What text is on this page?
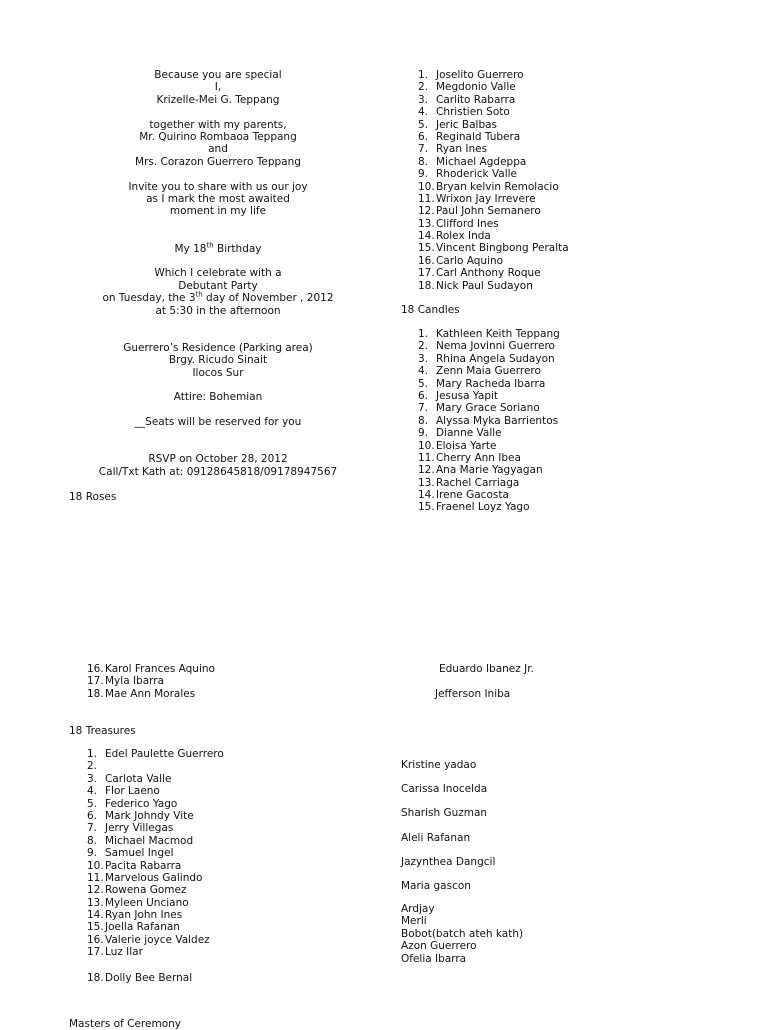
Because you are special
I,
Krizelle-Mei G. Teppang
together with my parents,
Mr. Quirino Rombaoa Teppang
and
Mrs. Corazon Guerrero Teppang
Invite you to share with us our joy
as I mark the most awaited
moment in my life
My 18th Birthday
Which I celebrate with a
Debutant Party
on Tuesday, the 3th day of November , 2012
at 5:30 in the afternoon
Guerrero’s Residence (Parking area)
Brgy. Ricudo Sinait
Ilocos Sur
Attire: Bohemian
__Seats will be reserved for you
RSVP on October 28, 2012
Call/Txt Kath at: 09128645818/09178947567
18 Roses
1. Joselito Guerrero
2. Megdonio Valle
3. Carlito Rabarra
4. Christien Soto
5. Jeric Balbas
6. Reginald Tubera
7. Ryan Ines
8. Michael Agdeppa
9. Rhoderick Valle
10.Bryan kelvin Remolacio
11.Wrixon Jay Irrevere
12.Paul John Semanero
13.Clifford Ines
14.Rolex Inda
15.Vincent Bingbong Peralta
16.Carlo Aquino
17.Carl Anthony Roque
18.Nick Paul Sudayon
18 Candles
1. Kathleen Keith Teppang
2. Nema Jovinni Guerrero
3. Rhina Angela Sudayon
4. Zenn Maia Guerrero
5. Mary Racheda Ibarra
6. Jesusa Yapit
7. Mary Grace Soriano
8. Alyssa Myka Barrientos
9. Dianne Valle
10.Eloisa Yarte
11.Cherry Ann Ibea
12.Ana Marie Yagyagan
13.Rachel Carriaga
14.Irene Gacosta
15.Fraenel Loyz Yago
16.Karol Frances Aquino
17.Myla Ibarra
18.Mae Ann Morales
Eduardo Ibanez Jr.
Jefferson Iniba
18 Treasures
1. Edel Paulette Guerrero
2.
3. Carlota Valle
4. Flor Laeno
5. Federico Yago
6. Mark Johndy Vite
7. Jerry Villegas
8. Michael Macmod
9. Samuel Ingel
10.Pacita Rabarra
11.Marvelous Galindo
12.Rowena Gomez
13.Myleen Unciano
14.Ryan John Ines
15.Joella Rafanan
16.Valerie joyce Valdez
17.Luz Ilar
18.Dolly Bee Bernal
Kristine yadao
Carissa Inocelda
Sharish Guzman
Aleli Rafanan
Jazynthea Dangcil
Maria gascon
Ardjay
Merli
Bobot(batch ateh kath)
Azon Guerrero
Ofelia Ibarra
Masters of Ceremony
